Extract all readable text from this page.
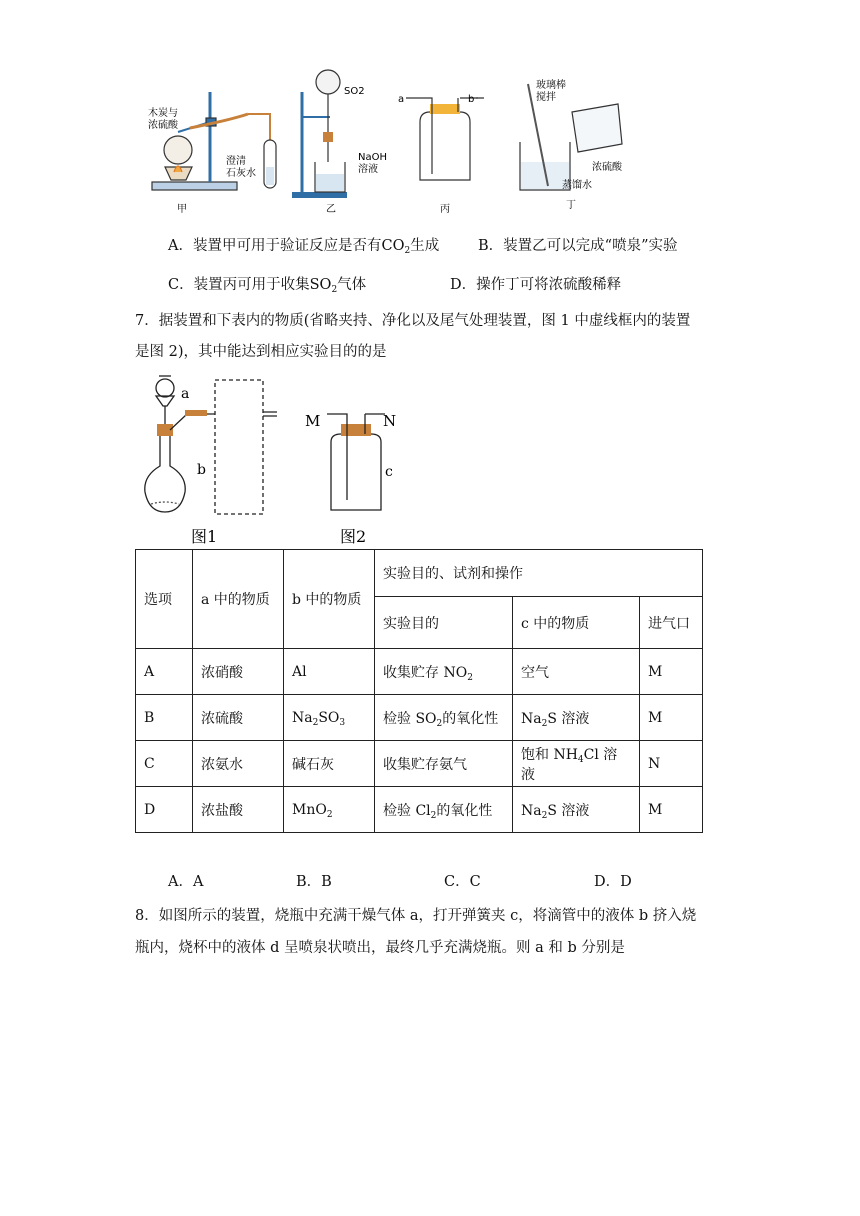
木炭与
浓硫酸
澄清
石灰水
甲
SO2
NaOH
溶液
乙
a	b
丙
玻璃棒
搅拌
浓硫酸
蒸馏水
丁
A．装置甲可用于验证反应是否有$CO_2$生成	B．装置乙可以完成“喷泉”实验
C．装置丙可用于收集$SO_2$气体	D．操作丁可将浓硫酸稀释
7．据装置和下表内的物质(省略夹持、净化以及尾气处理装置，图 1 中虚线框内的装置
是图 2)，其中能达到相应实验目的的是
a
b
M	N
c
图1	图2
选项	a 中的物质	b 中的物质	实验目的、试剂和操作		
			实验目的	c 中的物质	进气口
A	浓硝酸	Al	收集贮存 $NO_2$	空气	M
B	浓硫酸	$Na_2SO_3$	检验 $SO_2$的氧化性	$Na_2S$ 溶液	M
C	浓氨水	碱石灰	收集贮存氨气	饱和 $NH_4Cl$ 溶液	N
D	浓盐酸	MnO$_2$	检验 $Cl_2$的氧化性	$Na_2S$ 溶液	M
A．A	B．B	C．C	D．D
8．如图所示的装置，烧瓶中充满干燥气体 a，打开弹簧夹 c，将滴管中的液体 b 挤入烧
瓶内，烧杯中的液体 d 呈喷泉状喷出，最终几乎充满烧瓶。则 a 和 b 分别是
